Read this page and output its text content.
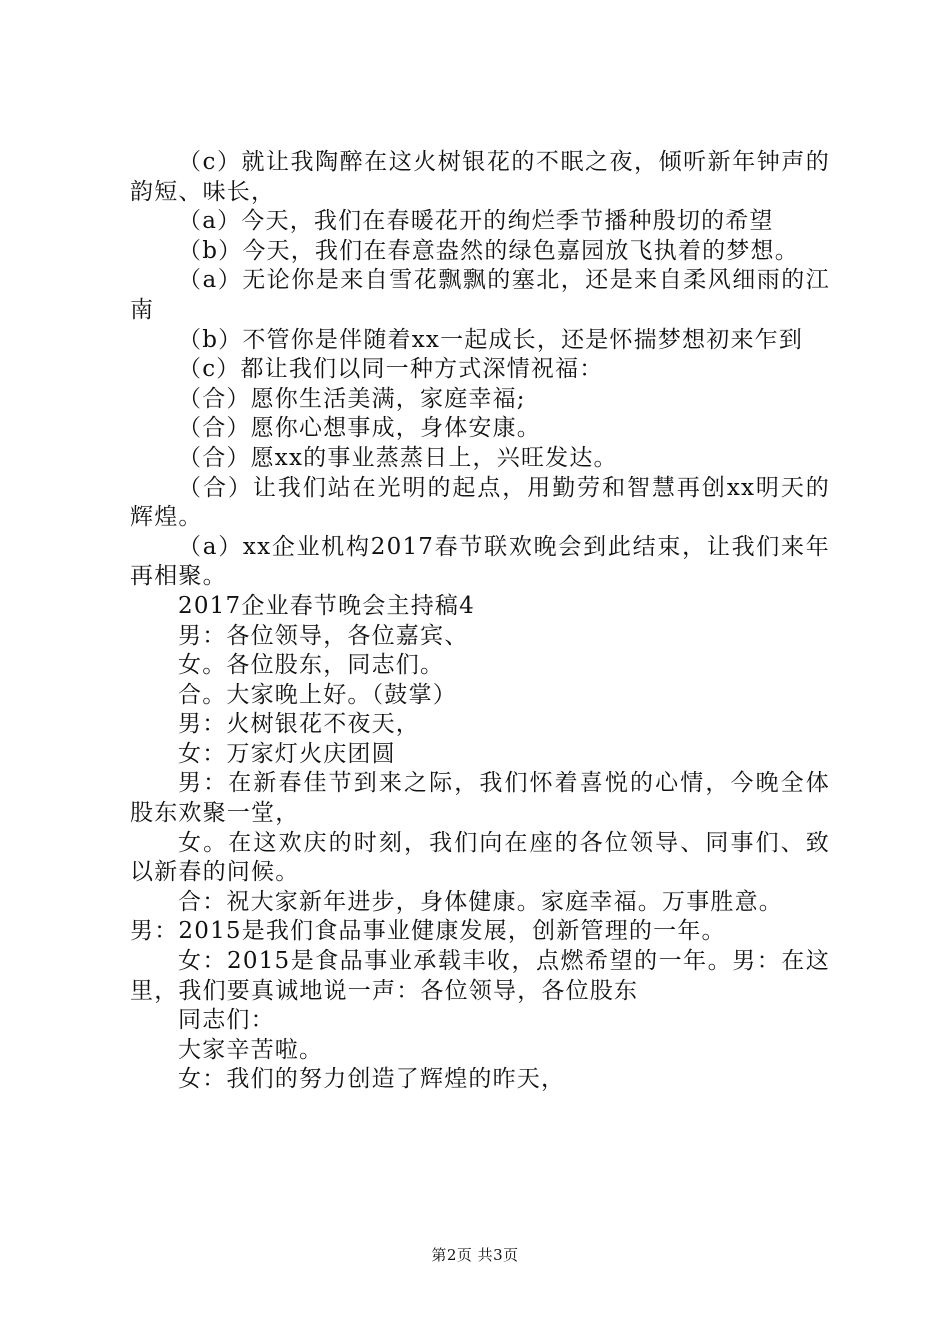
（c）就让我陶醉在这火树银花的不眠之夜，倾听新年钟声的韵短、味长，

（a）今天，我们在春暖花开的绚烂季节播种殷切的希望

（b）今天，我们在春意盎然的绿色嘉园放飞执着的梦想。

（a）无论你是来自雪花飘飘的塞北，还是来自柔风细雨的江南

（b）不管你是伴随着xx一起成长，还是怀揣梦想初来乍到

（c）都让我们以同一种方式深情祝福：

（合）愿你生活美满，家庭幸福;

（合）愿你心想事成，身体安康。

（合）愿xx的事业蒸蒸日上，兴旺发达。

（合）让我们站在光明的起点，用勤劳和智慧再创xx明天的辉煌。

（a）xx企业机构2017春节联欢晚会到此结束，让我们来年再相聚。

2017企业春节晚会主持稿4

男：各位领导，各位嘉宾、

女。各位股东，同志们。

合。大家晚上好。（鼓掌）

男：火树银花不夜天，

女：万家灯火庆团圆

男：在新春佳节到来之际，我们怀着喜悦的心情，今晚全体股东欢聚一堂，

女。在这欢庆的时刻，我们向在座的各位领导、同事们、致以新春的问候。

合：祝大家新年进步，身体健康。家庭幸福。万事胜意。

男：2015是我们食品事业健康发展，创新管理的一年。

女：2015是食品事业承载丰收，点燃希望的一年。男：在这里，我们要真诚地说一声：各位领导，各位股东

同志们：

大家辛苦啦。

女：我们的努力创造了辉煌的昨天，

第2页 共3页
